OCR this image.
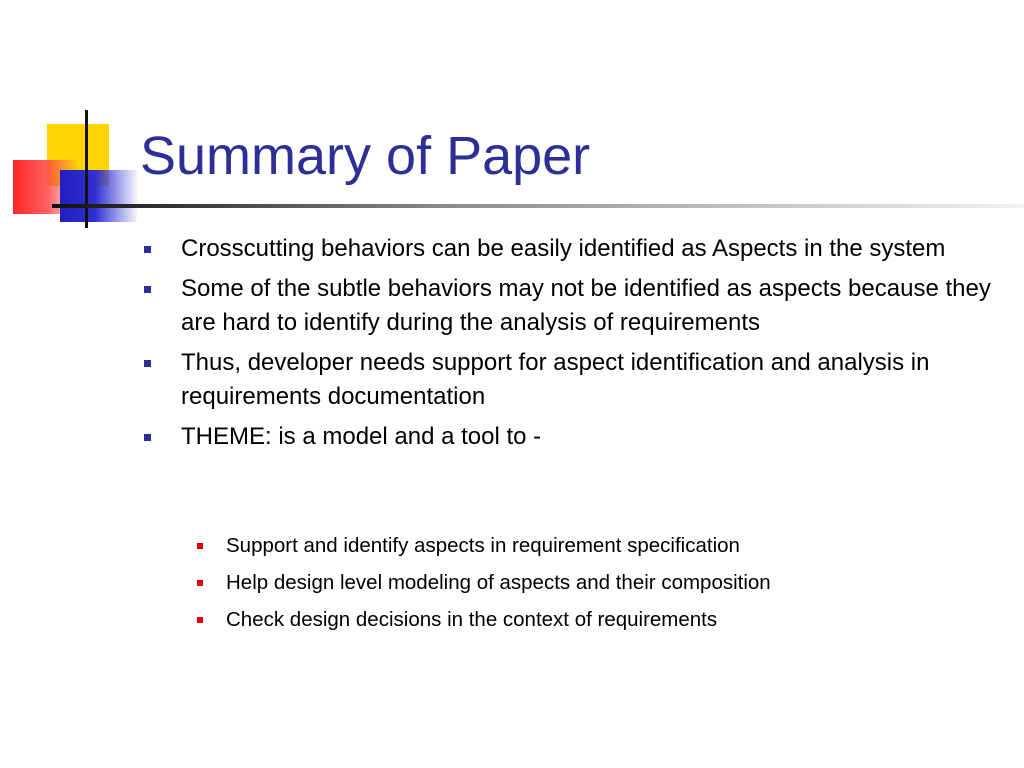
Summary of Paper
Crosscutting behaviors can be easily identified as Aspects in the system
Some of the subtle behaviors may not be identified as aspects because they are hard to identify during the analysis of requirements
Thus, developer needs support for aspect identification and analysis in requirements documentation
THEME: is a model and a tool to -
Support and identify aspects in requirement specification
Help design level modeling of aspects and their composition
Check design decisions in the context of requirements
